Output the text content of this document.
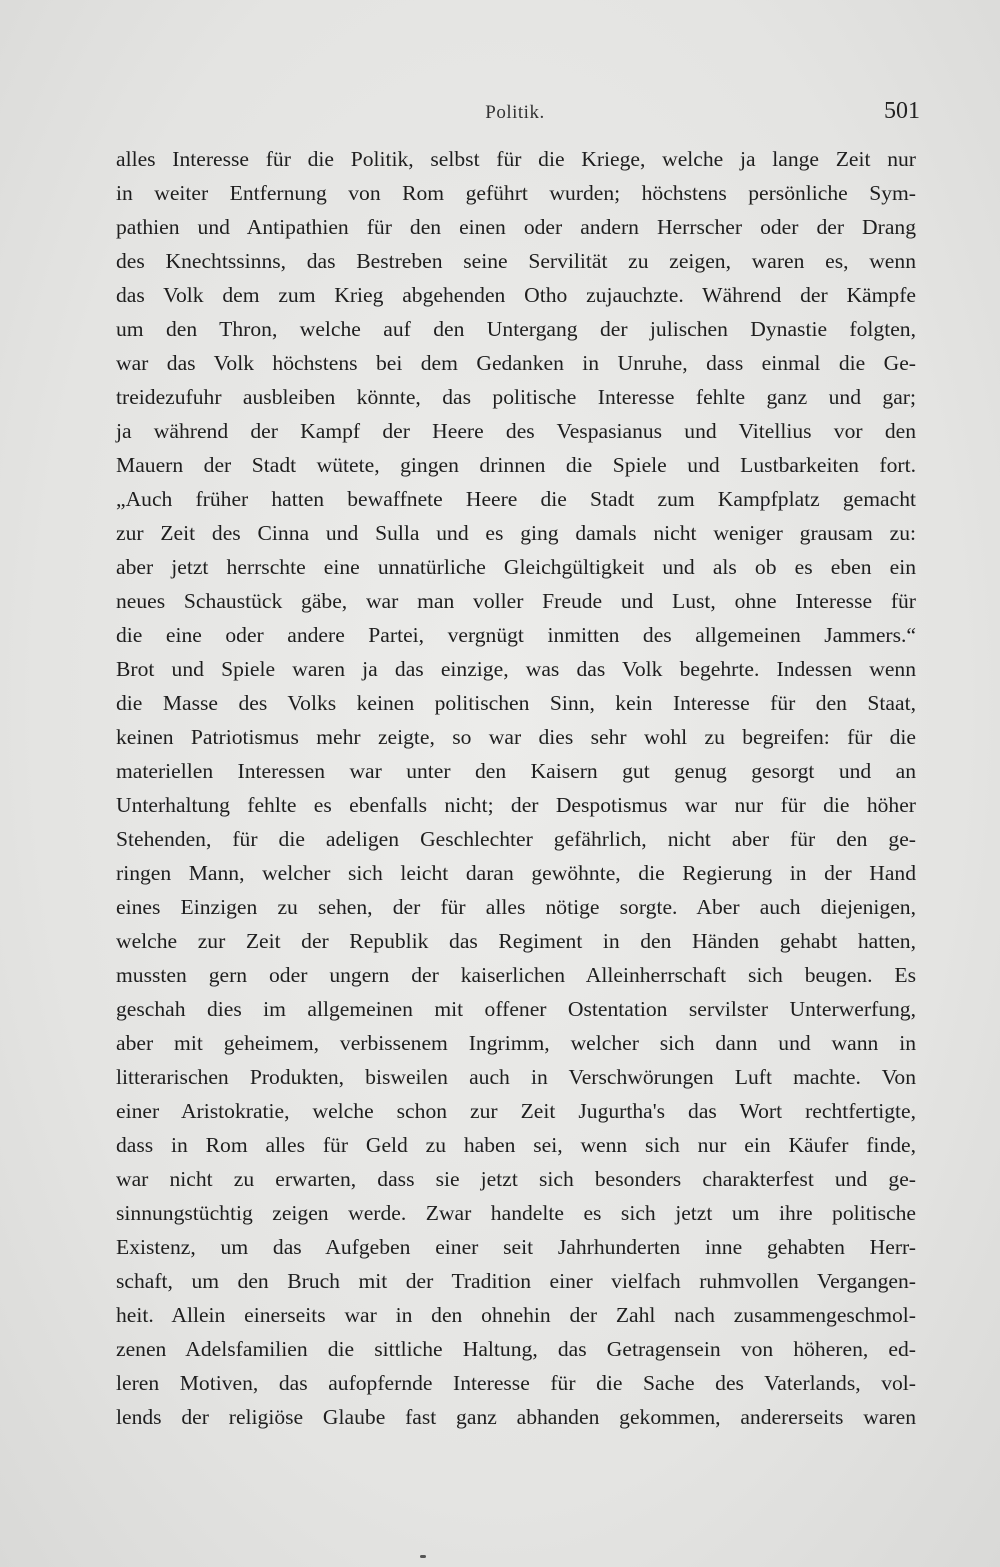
Politik.	501
alles Interesse für die Politik, selbst für die Kriege, welche ja lange Zeit nur
in weiter Entfernung von Rom geführt wurden; höchstens persönliche Sym-
pathien und Antipathien für den einen oder andern Herrscher oder der Drang
des Knechtssinns, das Bestreben seine Servilität zu zeigen, waren es, wenn
das Volk dem zum Krieg abgehenden Otho zujauchzte. Während der Kämpfe
um den Thron, welche auf den Untergang der julischen Dynastie folgten,
war das Volk höchstens bei dem Gedanken in Unruhe, dass einmal die Ge-
treidezufuhr ausbleiben könnte, das politische Interesse fehlte ganz und gar;
ja während der Kampf der Heere des Vespasianus und Vitellius vor den
Mauern der Stadt wütete, gingen drinnen die Spiele und Lustbarkeiten fort.
„Auch früher hatten bewaffnete Heere die Stadt zum Kampfplatz gemacht
zur Zeit des Cinna und Sulla und es ging damals nicht weniger grausam zu:
aber jetzt herrschte eine unnatürliche Gleichgültigkeit und als ob es eben ein
neues Schaustück gäbe, war man voller Freude und Lust, ohne Interesse für
die eine oder andere Partei, vergnügt inmitten des allgemeinen Jammers.“
Brot und Spiele waren ja das einzige, was das Volk begehrte. Indessen wenn
die Masse des Volks keinen politischen Sinn, kein Interesse für den Staat,
keinen Patriotismus mehr zeigte, so war dies sehr wohl zu begreifen: für die
materiellen Interessen war unter den Kaisern gut genug gesorgt und an
Unterhaltung fehlte es ebenfalls nicht; der Despotismus war nur für die höher
Stehenden, für die adeligen Geschlechter gefährlich, nicht aber für den ge-
ringen Mann, welcher sich leicht daran gewöhnte, die Regierung in der Hand
eines Einzigen zu sehen, der für alles nötige sorgte. Aber auch diejenigen,
welche zur Zeit der Republik das Regiment in den Händen gehabt hatten,
mussten gern oder ungern der kaiserlichen Alleinherrschaft sich beugen. Es
geschah dies im allgemeinen mit offener Ostentation servilster Unterwerfung,
aber mit geheimem, verbissenem Ingrimm, welcher sich dann und wann in
litterarischen Produkten, bisweilen auch in Verschwörungen Luft machte. Von
einer Aristokratie, welche schon zur Zeit Jugurtha's das Wort rechtfertigte,
dass in Rom alles für Geld zu haben sei, wenn sich nur ein Käufer finde,
war nicht zu erwarten, dass sie jetzt sich besonders charakterfest und ge-
sinnungstüchtig zeigen werde. Zwar handelte es sich jetzt um ihre politische
Existenz, um das Aufgeben einer seit Jahrhunderten inne gehabten Herr-
schaft, um den Bruch mit der Tradition einer vielfach ruhmvollen Vergangen-
heit. Allein einerseits war in den ohnehin der Zahl nach zusammengeschmol-
zenen Adelsfamilien die sittliche Haltung, das Getragensein von höheren, ed-
leren Motiven, das aufopfernde Interesse für die Sache des Vaterlands, vol-
lends der religiöse Glaube fast ganz abhanden gekommen, andererseits waren
